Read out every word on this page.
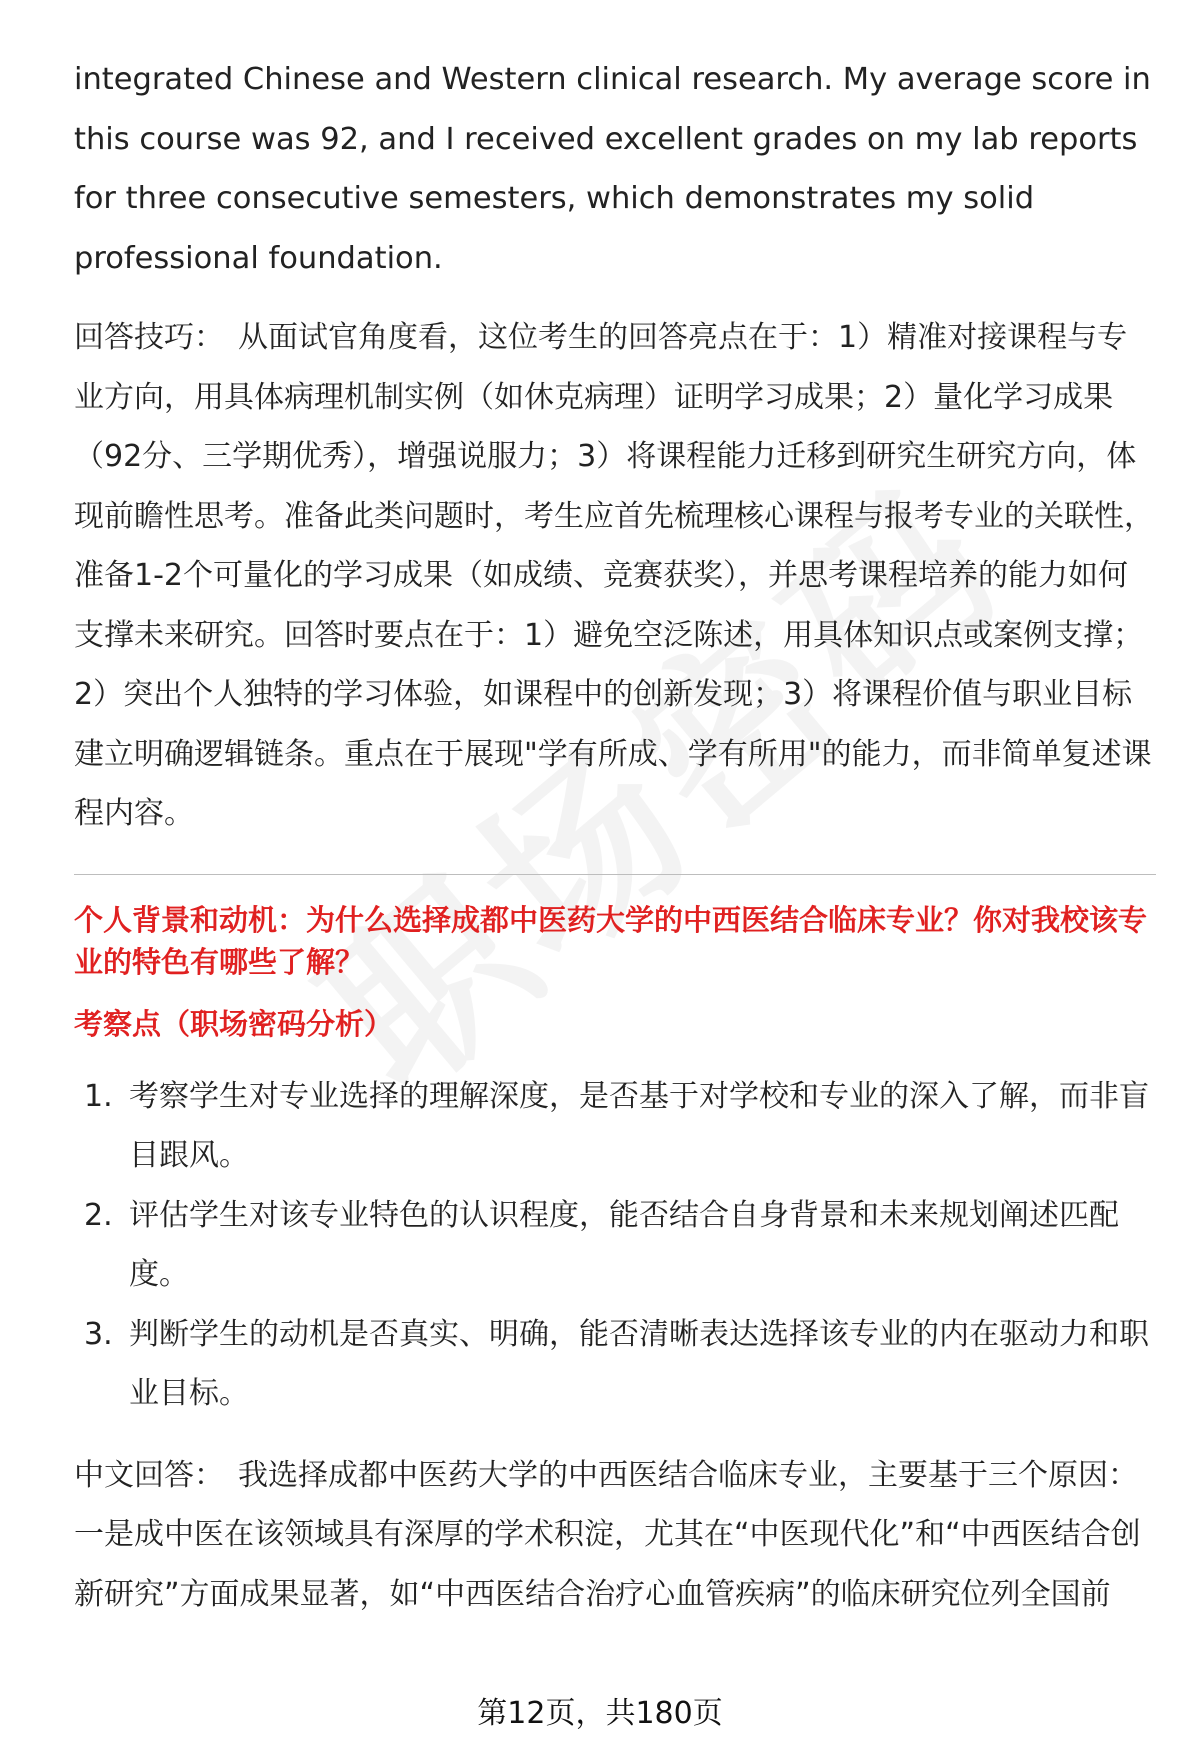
integrated Chinese and Western clinical research. My average score in this course was 92, and I received excellent grades on my lab reports for three consecutive semesters, which demonstrates my solid professional foundation.

回答技巧： 从面试官角度看，这位考生的回答亮点在于：1）精准对接课程与专业方向，用具体病理机制实例（如休克病理）证明学习成果；2）量化学习成果（92分、三学期优秀），增强说服力；3）将课程能力迁移到研究生研究方向，体现前瞻性思考。准备此类问题时，考生应首先梳理核心课程与报考专业的关联性，准备1-2个可量化的学习成果（如成绩、竞赛获奖），并思考课程培养的能力如何支撑未来研究。回答时要点在于：1）避免空泛陈述，用具体知识点或案例支撑；2）突出个人独特的学习体验，如课程中的创新发现；3）将课程价值与职业目标建立明确逻辑链条。重点在于展现"学有所成、学有所用"的能力，而非简单复述课程内容。

个人背景和动机：为什么选择成都中医药大学的中西医结合临床专业？你对我校该专业的特色有哪些了解？
考察点（职场密码分析）
1. 考察学生对专业选择的理解深度，是否基于对学校和专业的深入了解，而非盲目跟风。
2. 评估学生对该专业特色的认识程度，能否结合自身背景和未来规划阐述匹配度。
3. 判断学生的动机是否真实、明确，能否清晰表达选择该专业的内在驱动力和职业目标。

中文回答： 我选择成都中医药大学的中西医结合临床专业，主要基于三个原因：一是成中医在该领域具有深厚的学术积淀，尤其在“中医现代化”和“中西医结合创新研究”方面成果显著，如“中西医结合治疗心血管疾病”的临床研究位列全国前

第12页，共180页
